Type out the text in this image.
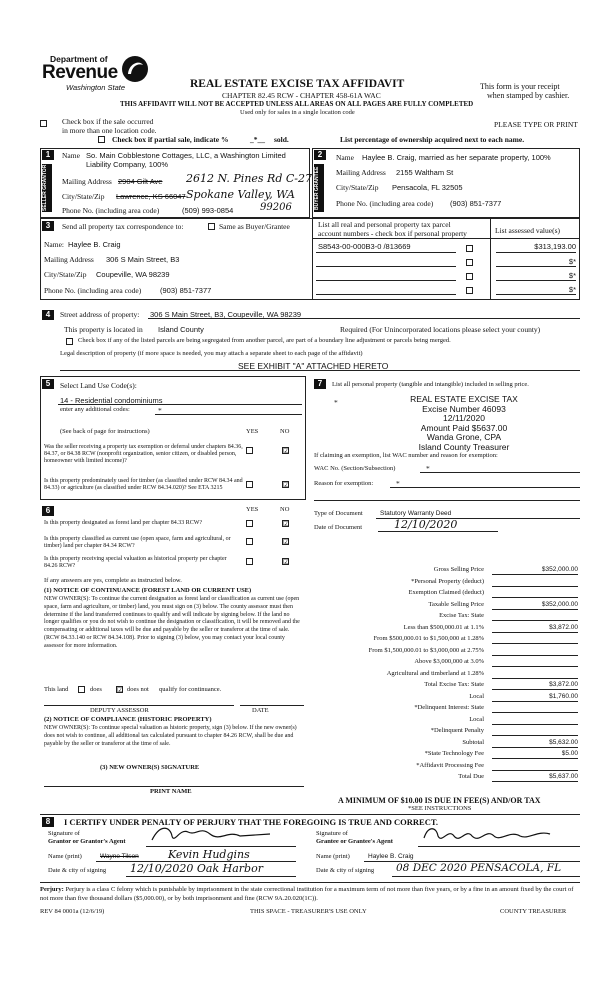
Department of
Revenue
Washington State	REAL ESTATE EXCISE TAX AFFIDAVIT
CHAPTER 82.45 RCW - CHAPTER 458-61A WAC
THIS AFFIDAVIT WILL NOT BE ACCEPTED UNLESS ALL AREAS ON ALL PAGES ARE FULLY COMPLETED
Used only for sales in a single location code
This form is your receipt
when stamped by cashier.
PLEASE TYPE OR PRINT
Check box if the sale occurred
in more than one location code.
Check box if partial sale, indicate %	_*__ sold.	List percentage of ownership acquired next to each name.
1
SELLER GRANTOR
Name So. Main Cobblestone Cottages, LLC, a Washington Limited Liability Company, 100%
Mailing Address 2904 Gilt Ave 2612 N. Pines Rd C-27
City/State/Zip Lawrence, KS 66047 Spokane Valley, WA
Phone No. (including area code)	(509) 993-0854	99206
2
BUYER GRANTEE
Name Haylee B. Craig, married as her separate property, 100%
Mailing Address 2155 Waltham St
City/State/Zip Pensacola, FL 32505
Phone No. (including area code) (903) 851-7377
3	Send all property tax correspondence to:	Same as Buyer/Grantee	List all real and personal property tax parcel
account numbers - check box if personal property	List assessed value(s)
Name: Haylee B. Craig
Mailing Address 306 S Main Street, B3
City/State/Zip Coupeville, WA 98239
Phone No. (including area code) (903) 851-7377
S8543-00-000B3-0 /813669	$313,193.00
$*
$*
$*
4	Street address of property: 306 S Main Street, B3, Coupeville, WA 98239
This property is located in Island County	Required (For Unincorporated locations please select your county)
Check box if any of the listed parcels are being segregated from another parcel, are part of a boundary line adjustment or parcels being merged.
Legal description of property (if more space is needed, you may attach a separate sheet to each page of the affidavit)
SEE EXHIBIT "A" ATTACHED HERETO
5	Select Land Use Code(s):
14 - Residential condominiums
enter any additional codes:	*
(See back of page for instructions)	YES	NO
Was the seller receiving a property tax exemption or deferral under chapters 84.36, 84.37, or 84.38 RCW (nonprofit organization, senior citizen, or disabled person, homeowner with limited income)?
☑
Is this property predominately used for timber (as classified under RCW 84.34 and 84.33) or agriculture (as classified under RCW 84.34.020)? See ETA 3215	☑
6	YES	NO
Is this property designated as forest land per chapter 84.33 RCW?	☑
Is this property classified as current use (open space, farm and agricultural, or timber) land per chapter 84.34 RCW?	☑
Is this property receiving special valuation as historical property per chapter 84.26 RCW?	☑
If any answers are yes, complete as instructed below.
(1) NOTICE OF CONTINUANCE (FOREST LAND OR CURRENT USE)
NEW OWNER(S): To continue the current designation as forest land or classification as current use (open space, farm and agriculture, or timber) land, you must sign on (3) below. The county assessor must then determine if the land transferred continues to qualify and will indicate by signing below. If the land no longer qualifies or you do not wish to continue the designation or classification, it will be removed and the compensating or additional taxes will be due and payable by the seller or transferor at the time of sale. (RCW 84.33.140 or RCW 84.34.108). Prior to signing (3) below, you may contact your local county assessor for more information.
This land	does ☑ does not qualify for continuance.
DEPUTY ASSESSOR	DATE
(2) NOTICE OF COMPLIANCE (HISTORIC PROPERTY)
NEW OWNER(S): To continue special valuation as historic property, sign (3) below. If the new owner(s) does not wish to continue, all additional tax calculated pursuant to chapter 84.26 RCW, shall be due and payable by the seller or transferor at the time of sale.
(3) NEW OWNER(S) SIGNATURE
PRINT NAME
7	List all personal property (tangible and intangible) included in selling price.
*	REAL ESTATE EXCISE TAX
Excise Number 46093
12/11/2020
Amount Paid $5637.00
Wanda Grone, CPA
Island County Treasurer
If claiming an exemption, list WAC number and reason for exemption:
WAC No. (Section/Subsection)	*
Reason for exemption:	*
Type of Document	Statutory Warranty Deed
Date of Document	12/10/2020
Gross Selling Price	$352,000.00
*Personal Property (deduct)
Exemption Claimed (deduct)
Taxable Selling Price	$352,000.00
Excise Tax: State
Less than $500,000.01 at 1.1%	$3,872.00
From $500,000.01 to $1,500,000 at 1.28%
From $1,500,000.01 to $3,000,000 at 2.75%
Above $3,000,000 at 3.0%
Agricultural and timberland at 1.28%
Total Excise Tax: State	$3,872.00
Local	$1,760.00
*Delinquent Interest: State
Local
*Delinquent Penalty
Subtotal	$5,632.00
*State Technology Fee	$5.00
*Affidavit Processing Fee
Total Due	$5,637.00
A MINIMUM OF $10.00 IS DUE IN FEE(S) AND/OR TAX
*SEE INSTRUCTIONS
8	I CERTIFY UNDER PENALTY OF PERJURY THAT THE FOREGOING IS TRUE AND CORRECT.
Signature of
Grantor or Grantor's Agent
Name (print)	Wayne Tilson	Kevin Hudgins
Date & city of signing 12/10/2020 Oak Harbor
Signature of
Grantee or Grantee's Agent
Name (print)	Haylee B. Craig
Date & city of signing 08 DEC 2020 PENSACOLA, FL
Perjury: Perjury is a class C felony which is punishable by imprisonment in the state correctional institution for a maximum term of not more than five years, or by a fine in an amount fixed by the court of not more than five thousand dollars ($5,000.00), or by both imprisonment and fine (RCW 9A.20.020(1C)).
REV 84 0001a (12/6/19)	THIS SPACE - TREASURER'S USE ONLY	COUNTY TREASURER
